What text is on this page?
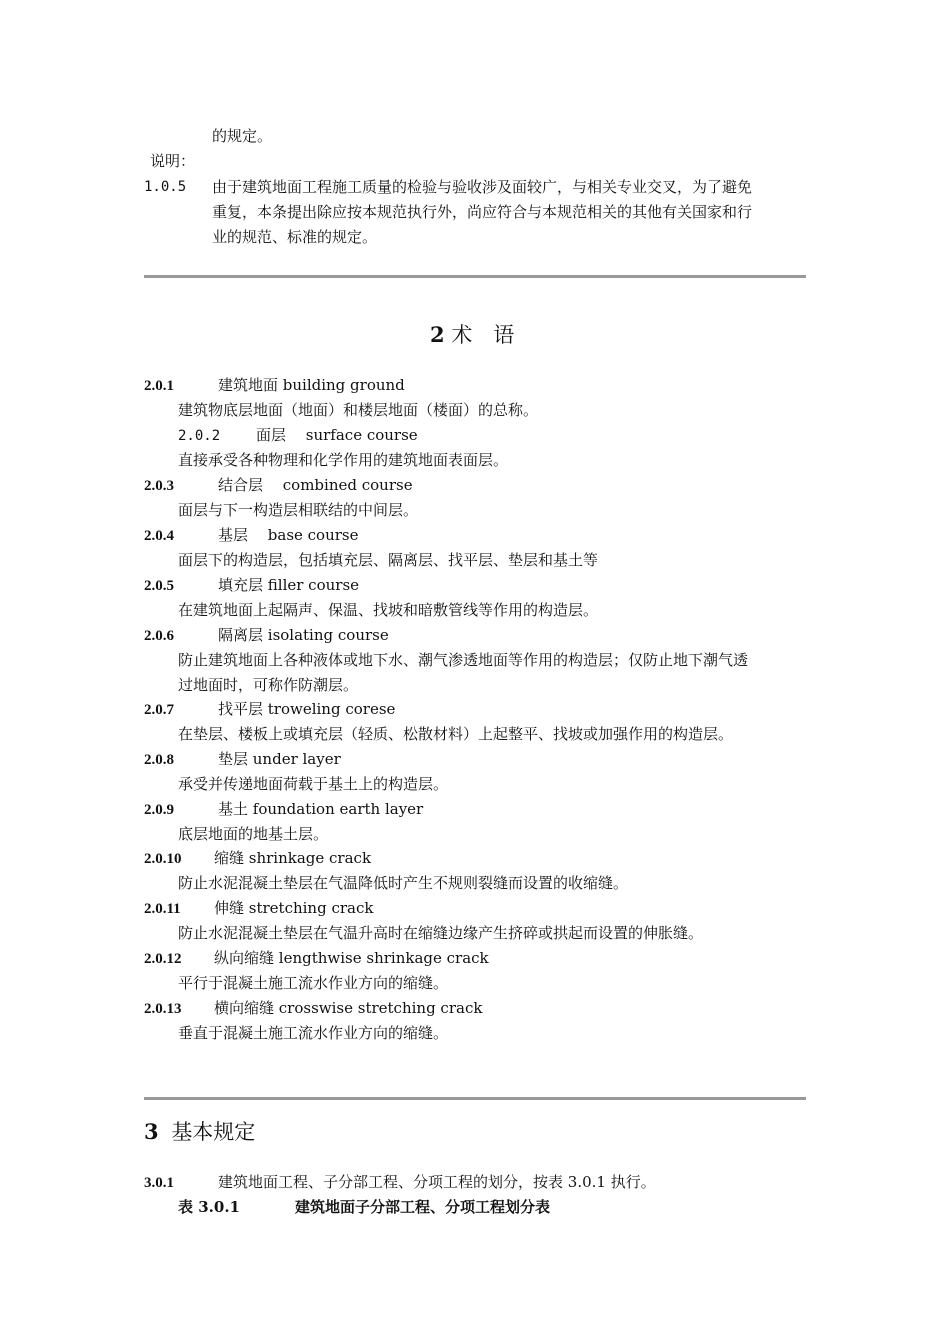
的规定。
说明：
1.0.5 由于建筑地面工程施工质量的检验与验收涉及面较广，与相关专业交叉，为了避免
重复，本条提出除应按本规范执行外，尚应符合与本规范相关的其他有关国家和行
业的规范、标准的规定。
2 术　语
2.0.1	建筑地面 building ground
建筑物底层地面（地面）和楼层地面（楼面）的总称。
2.0.2 面层　 surface course
直接承受各种物理和化学作用的建筑地面表面层。
2.0.3	结合层　 combined course
面层与下一构造层相联结的中间层。
2.0.4	基层　 base course
面层下的构造层，包括填充层、隔离层、找平层、垫层和基土等
2.0.5	填充层 filler course
在建筑地面上起隔声、保温、找坡和暗敷管线等作用的构造层。
2.0.6	隔离层 isolating course
防止建筑地面上各种液体或地下水、潮气渗透地面等作用的构造层；仅防止地下潮气透
过地面时，可称作防潮层。
2.0.7	找平层 troweling corese
在垫层、楼板上或填充层（轻质、松散材料）上起整平、找坡或加强作用的构造层。
2.0.8	垫层 under layer
承受并传递地面荷载于基土上的构造层。
2.0.9	基土 foundation earth layer
底层地面的地基土层。
2.0.10 缩缝 shrinkage crack
防止水泥混凝土垫层在气温降低时产生不规则裂缝而设置的收缩缝。
2.0.11 伸缝 stretching crack
防止水泥混凝土垫层在气温升高时在缩缝边缘产生挤碎或拱起而设置的伸胀缝。
2.0.12 纵向缩缝 lengthwise shrinkage crack
平行于混凝土施工流水作业方向的缩缝。
2.0.13 横向缩缝 crosswise stretching crack
垂直于混凝土施工流水作业方向的缩缝。
3 基本规定
3.0.1	建筑地面工程、子分部工程、分项工程的划分，按表 3.0.1 执行。
表 3.0.1	建筑地面子分部工程、分项工程划分表
